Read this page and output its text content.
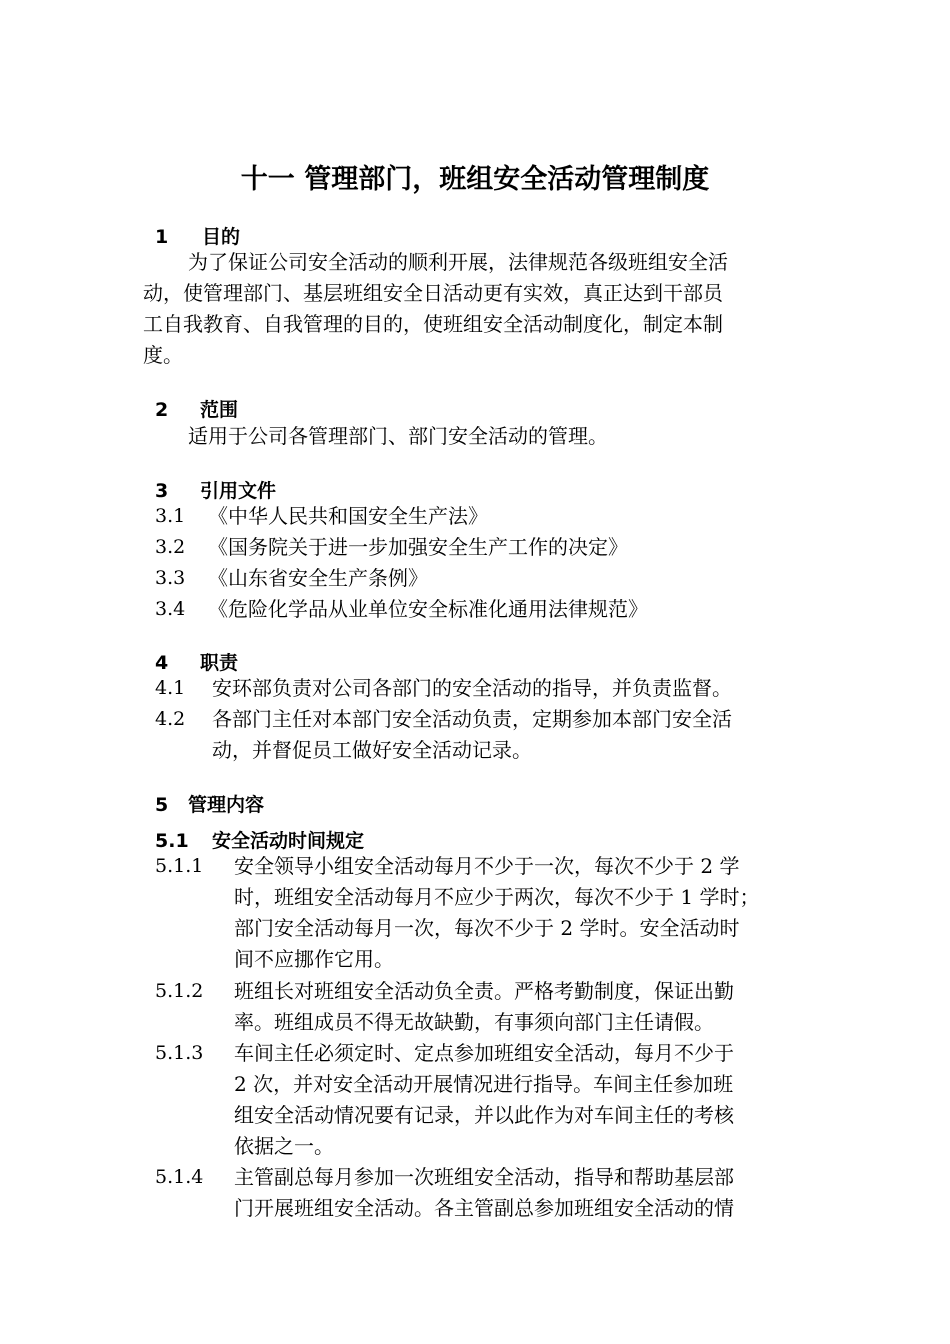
十一 管理部门，班组安全活动管理制度
1 目的
为了保证公司安全活动的顺利开展，法律规范各级班组安全活
动，使管理部门、基层班组安全日活动更有实效，真正达到干部员
工自我教育、自我管理的目的，使班组安全活动制度化，制定本制
度。
2 范围
适用于公司各管理部门、部门安全活动的管理。
3 引用文件
3.1 《中华人民共和国安全生产法》
3.2 《国务院关于进一步加强安全生产工作的决定》
3.3 《山东省安全生产条例》
3.4 《危险化学品从业单位安全标准化通用法律规范》
4 职责
4.1 安环部负责对公司各部门的安全活动的指导，并负责监督。
4.2 各部门主任对本部门安全活动负责，定期参加本部门安全活
动，并督促员工做好安全活动记录。
5 管理内容
5.1 安全活动时间规定
5.1.1 安全领导小组安全活动每月不少于一次，每次不少于 2 学
时，班组安全活动每月不应少于两次，每次不少于 1 学时；
部门安全活动每月一次，每次不少于 2 学时。安全活动时
间不应挪作它用。
5.1.2 班组长对班组安全活动负全责。严格考勤制度，保证出勤
率。班组成员不得无故缺勤，有事须向部门主任请假。
5.1.3 车间主任必须定时、定点参加班组安全活动，每月不少于
2 次，并对安全活动开展情况进行指导。车间主任参加班
组安全活动情况要有记录，并以此作为对车间主任的考核
依据之一。
5.1.4 主管副总每月参加一次班组安全活动，指导和帮助基层部
门开展班组安全活动。各主管副总参加班组安全活动的情
